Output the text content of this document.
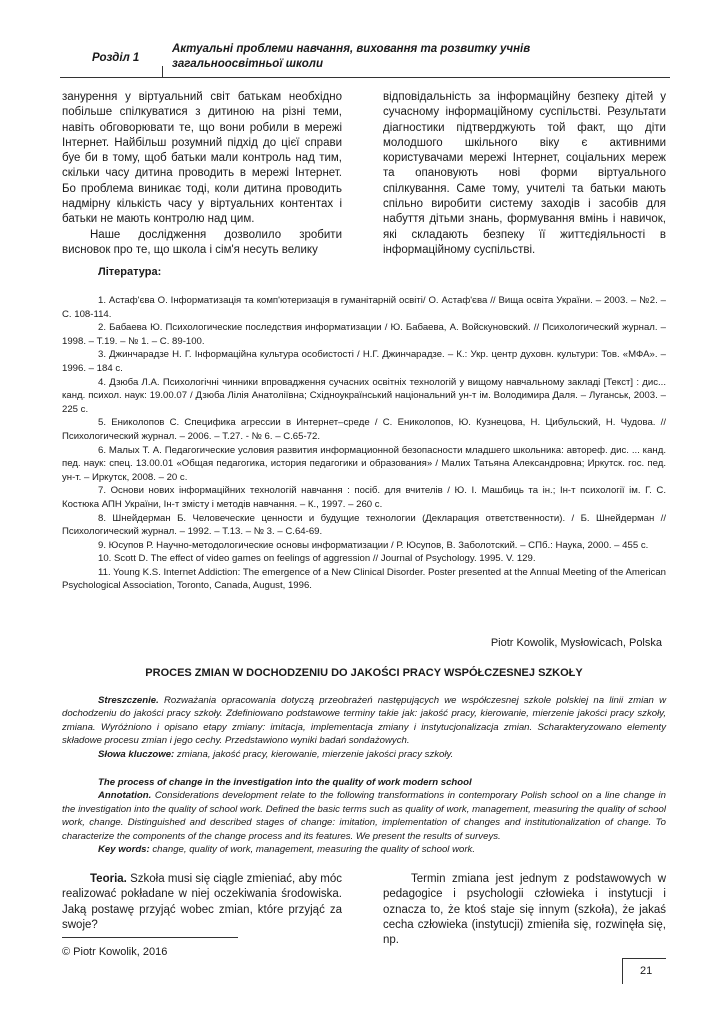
Розділ 1
Актуальні проблеми навчання, виховання та розвитку учнів загальноосвітньої школи

занурення у віртуальний світ батькам необхідно побільше спілкуватися з дитиною на різні теми, навіть обговорювати те, що вони робили в мережі Інтернет. Найбільш розумний підхід до цієї справи буе би в тому, щоб батьки мали контроль над тим, скільки часу дитина проводить в мережі Інтернет. Бо проблема виникає тоді, коли дитина проводить надмірну кількість часу у віртуальних контентах і батьки не мають контролю над цим.

Наше дослідження дозволило зробити висновок про те, що школа і сім'я несуть велику

відповідальність за інформаційну безпеку дітей у сучасному інформаційному суспільстві. Результати діагностики підтверджують той факт, що діти молодшого шкільного віку є активними користувачами мережі Інтернет, соціальних мереж та опановують нові форми віртуального спілкування. Саме тому, учителі та батьки мають спільно виробити систему заходів і засобів для набуття дітьми знань, формування вмінь і навичок, які складають безпеку її життєдіяльності в інформаційному суспільстві.

Література:
1. Астаф'єва О. Інформатизація та комп'ютеризація в гуманітарній освіті/ О. Астаф'єва // Вища освіта України. – 2003. – №2. – С. 108-114.
2. Бабаева Ю. Психологические последствия информатизации / Ю. Бабаева, А. Войскуновский. // Психологический журнал. – 1998. – Т.19. – № 1. – С. 89-100.
3. Джинчарадзе Н. Г. Інформаційна культура особистості / Н.Г. Джинчарадзе. – К.: Укр. центр духовн. культури: Тов. «МФА». – 1996. – 184 с.
4. Дзюба Л.А. Психологічні чинники впровадження сучасних освітніх технологій у вищому навчальному закладі [Текст] : дис... канд. психол. наук: 19.00.07 / Дзюба Лілія Анатоліївна; Східноукраїнський національний ун-т ім. Володимира Даля. – Луганськ, 2003. – 225 с.
5. Ениколопов С. Специфика агрессии в Интернет–среде / С. Ениколопов, Ю. Кузнецова, Н. Цибульский, Н. Чудова. // Психологический журнал. – 2006. – Т.27. - № 6. – С.65-72.
6. Малых Т. А. Педагогические условия развития информационной безопасности младшего школьника: автореф. дис. ... канд. пед. наук: спец. 13.00.01 «Общая педагогика, история педагогики и образования» / Малих Татьяна Александровна; Иркутск. гос. пед. ун-т. – Иркутск, 2008. – 20 с.
7. Основи нових інформаційних технологій навчання : посіб. для вчителів / Ю. І. Машбиць та ін.; Ін-т психології ім. Г. С. Костюка АПН України, Ін-т змісту і методів навчання. – К., 1997. – 260 с.
8. Шнейдерман Б. Человеческие ценности и будущие технологии (Декларация ответственности). / Б. Шнейдерман // Психологический журнал. – 1992. – Т.13. – № 3. – С.64-69.
9. Юсупов Р. Научно-методологические основы информатизации / Р. Юсупов, В. Заболотский. – СПб.: Наука, 2000. – 455 с.
10. Scott D. The effect of video games on feelings of aggression // Journal of Psychology. 1995. V. 129.
11. Young K.S. Internet Addiction: The emergence of a New Clinical Disorder. Poster presented at the Annual Meeting of the American Psychological Association, Toronto, Canada, August, 1996.
Piotr Kowolik, Mysłowicach, Polska
PROCES ZMIAN W DOCHODZENIU DO JAKOŚCI PRACY WSPÓŁCZESNEJ SZKOŁY

Streszczenie. Rozważania opracowania dotyczą przeobrażeń następujących we współczesnej szkole polskiej na linii zmian w dochodzeniu do jakości pracy szkoły. Zdefiniowano podstawowe terminy takie jak: jakość pracy, kierowanie, mierzenie jakości pracy szkoły, zmiana. Wyróżniono i opisano etapy zmiany: imitacja, implementacja zmiany i instytucjonalizacja zmian. Scharakteryzowano elementy składowe procesu zmian i jego cechy. Przedstawiono wyniki badań sondażowych.

Słowa kluczowe: zmiana, jakość pracy, kierowanie, mierzenie jakości pracy szkoły.

The process of change in the investigation into the quality of work modern school

Annotation. Considerations development relate to the following transformations in contemporary Polish school on a line change in the investigation into the quality of school work. Defined the basic terms such as quality of work, management, measuring the quality of school work, change. Distinguished and described stages of change: imitation, implementation of changes and institutionalization of change. To characterize the components of the change process and its features. We present the results of surveys.

Key words: change, quality of work, management, measuring the quality of school work.

Teoria. Szkoła musi się ciągle zmieniać, aby móc realizować pokładane w niej oczekiwania środowiska. Jaką postawę przyjąć wobec zmian, które przyjąć za swoje?

Termin zmiana jest jednym z podstawowych w pedagogice i psychologii człowieka i instytucji i oznacza to, że ktoś staje się innym (szkoła), że jakaś cecha człowieka (instytucji) zmieniła się, rozwinęła się, np.

© Piotr Kowolik, 2016
21
